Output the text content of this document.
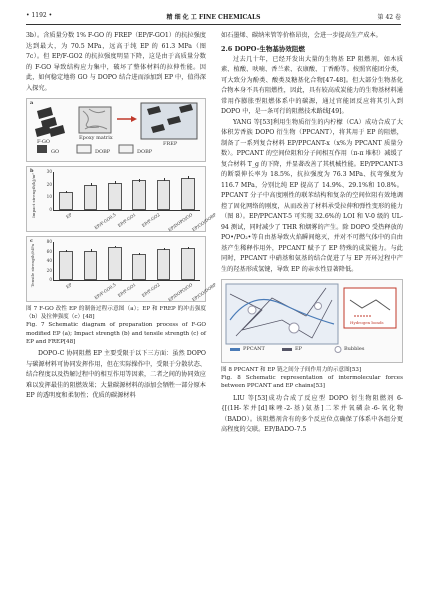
• 1192 •	精 细 化 工 FINE CHEMICALS	第 42 卷

3b）。含质量分数 1% F-GO 的 FREP（EP/F-GO1）的抗拉强度达到最大，为 70.5 MPa，远高于纯 EP 的 61.3 MPa（图 7c）。但 EP/F-GO2 的抗拉强度明显下降，这是由于高质量分数的 F-GO 导致结构应力集中，破坏了整体材料的拉伸性能。因此，如何稳定地将 GO 与 DOPO 结合进而添加到 EP 中，值得深入探究。

a
F-GO
Epoxy matrix
FREP
GO	DOBP	DOBP
b
Impact strength/kJ/m²	0
10
20
30
EP	EP/F-GO0.5 EP/F-GO1 EP/F-GO2 EP/DOPO/GO
EP/GO/DOBP
c
Tensile strength/MPa	0
20
40
60
80
EP	EP/F-GO0.5 EP/F-GO1 EP/F-GO2 EP/DOPO/GO
EP/GO/DOBP

图 7 F-GO 改性 EP 的制备过程示意图（a）；EP 和 FREP 的冲击强度（b）及拉伸强度（c）[48]

Fig. 7 Schematic diagram of preparation process of F-GO modified EP (a); Impact strength (b) and tensile strength (c) of EP and FREP[48]

DOPO-C 协同阻燃 EP 主要受限于以下三方面：虽然 DOPO 与碳源材料可协同发挥作用，但在实际操作中，受限于分散状态、结合程度以及热解过程中的相互作用等因素，二者之间的协同效应难以发挥最佳的阻燃效果；大量碳源材料的添加会牺牲一部分原本 EP 的透明度和柔韧性；优质的碳源材料

如石墨烯、碳纳米管等价格昂贵，会进一步提高生产成本。

2.6 DOPO-生物基协效阻燃

过去几十年，已经开发出大量的生物基 EP 阻燃剂，如木质素、植酸、呋喃、香兰素、衣康酸、丁香酚等。按照官能团分类，可大致分为酚类、酸类及糖基化合物[47-48]。但大部分生物基化合物本身不具有阻燃性，因此，具有较高成炭能力的生物基材料通常用作膨胀型阻燃体系中的碳源，通过官能团反应将其引入到 DOPO 中，是一条可行的阻燃技术路线[49]。

YANG 等[53]利用生物质衍生的内柠檬（CA）成功合成了大体积芳香族 DOPO 衍生物（PPCANT），将其用于 EP 的阻燃，制备了一系列复合材料 EP/PPCANT-x（x%为 PPCANT 质量分数）。PPCANT 的空间位阻和分子间相互作用（π-π 堆积）减缓了复合材料 T_g 的下降，并显著改善了其机械性能。EP/PPCANT-3 的断裂伸长率为 18.5%，抗拉强度为 76.3 MPa、抗弯强度为 116.7 MPa，分别比纯 EP 提高了 14.9%、29.1%和 10.8%。PPCANT 分子中高度刚性的联苯结构和复杂的空间位阻有效地调控了固化网络的刚度，从而改善了材料承受拉伸和弹性变形的能力（图 8）。EP/PPCANT-5 可实现 32.6%的 LOI 和 V-0 级的 UL-94 测试，同时减少了 THR 和烟雾的产生。除 DOPO 受热释放的 PO•/PO₂•等自由基导致火焰瞬间熄灭，并对不可燃气体中的自由基产生稀释作用外，PPCANT 赋予了 EP 特殊的成炭能力。与此同时，PPCANT 中硝基和氨基的结合促进了与 EP 开环过程中产生的羟基形成氢键，导致 EP 的亲水性显著降低。

Hydrogen bonds
PPCANT	EP	Bubbles

图 8 PPCANT 和 EP 链之间分子间作用力的示意图[53]

Fig. 8 Schematic representation of intermolecular forces between PPCANT and EP chains[53]

LIU 等[53]成功合成了反应型 DOPO 衍生物阻燃剂 6-{[(1H-苯并[d]咪唑-2-基)氨基]二苯并氧磷杂-6-氧化物（BADO）。该阻燃剂含有的多个反应位点确保了体系中各组分更高程度的交联。EP/BADO-7.5
